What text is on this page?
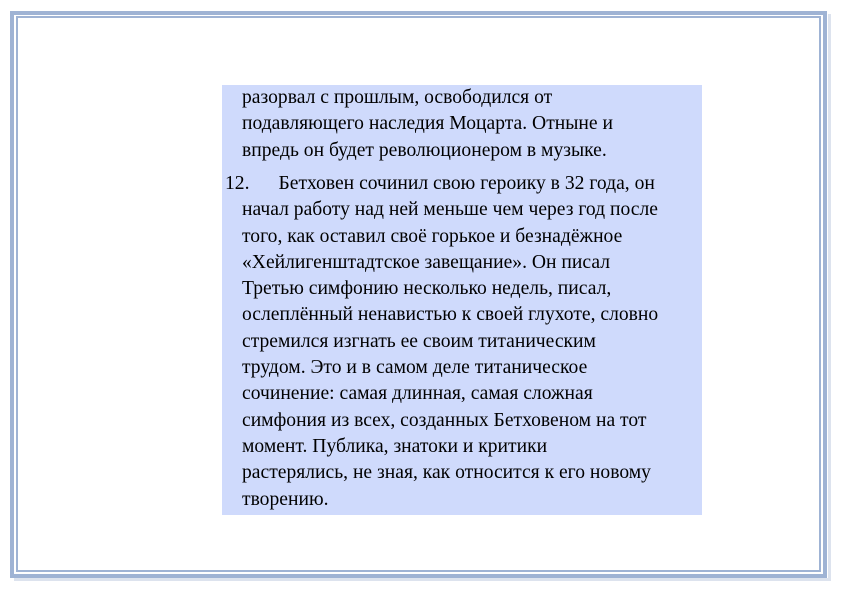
разорвал с прошлым, освободился от
подавляющего наследия Моцарта. Отныне и
впредь он будет революционером в музыке.
12. Бетховен сочинил свою героику в 32 года, он
начал работу над ней меньше чем через год после
того, как оставил своё горькое и безнадёжное
«Хейлигенштадтское завещание». Он писал
Третью симфонию несколько недель, писал,
ослеплённый ненавистью к своей глухоте, словно
стремился изгнать ее своим титаническим
трудом. Это и в самом деле титаническое
сочинение: самая длинная, самая сложная
симфония из всех, созданных Бетховеном на тот
момент. Публика, знатоки и критики
растерялись, не зная, как относится к его новому
творению.
